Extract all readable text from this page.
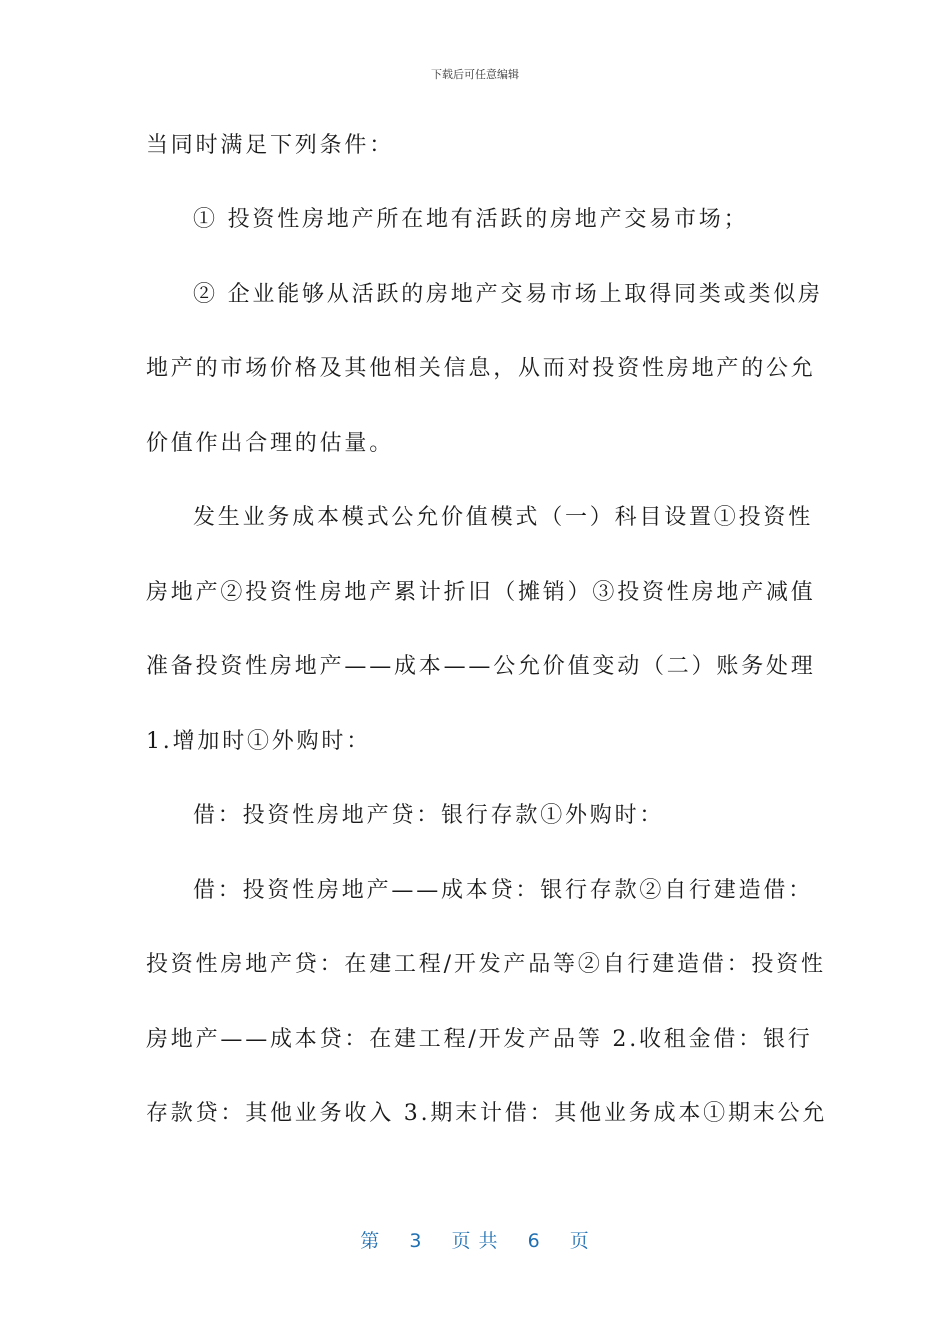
下载后可任意编辑
当同时满足下列条件：
① 投资性房地产所在地有活跃的房地产交易市场；
② 企业能够从活跃的房地产交易市场上取得同类或类似房
地产的市场价格及其他相关信息，从而对投资性房地产的公允
价值作出合理的估量。
发生业务成本模式公允价值模式（一）科目设置①投资性
房地产②投资性房地产累计折旧（摊销）③投资性房地产减值
准备投资性房地产——成本——公允价值变动（二）账务处理
1.增加时①外购时：
借：投资性房地产贷：银行存款①外购时：
借：投资性房地产——成本贷：银行存款②自行建造借：
投资性房地产贷：在建工程/开发产品等②自行建造借：投资性
房地产——成本贷：在建工程/开发产品等 2.收租金借：银行
存款贷：其他业务收入 3.期末计借：其他业务成本①期末公允
第 3 页 共 6 页
